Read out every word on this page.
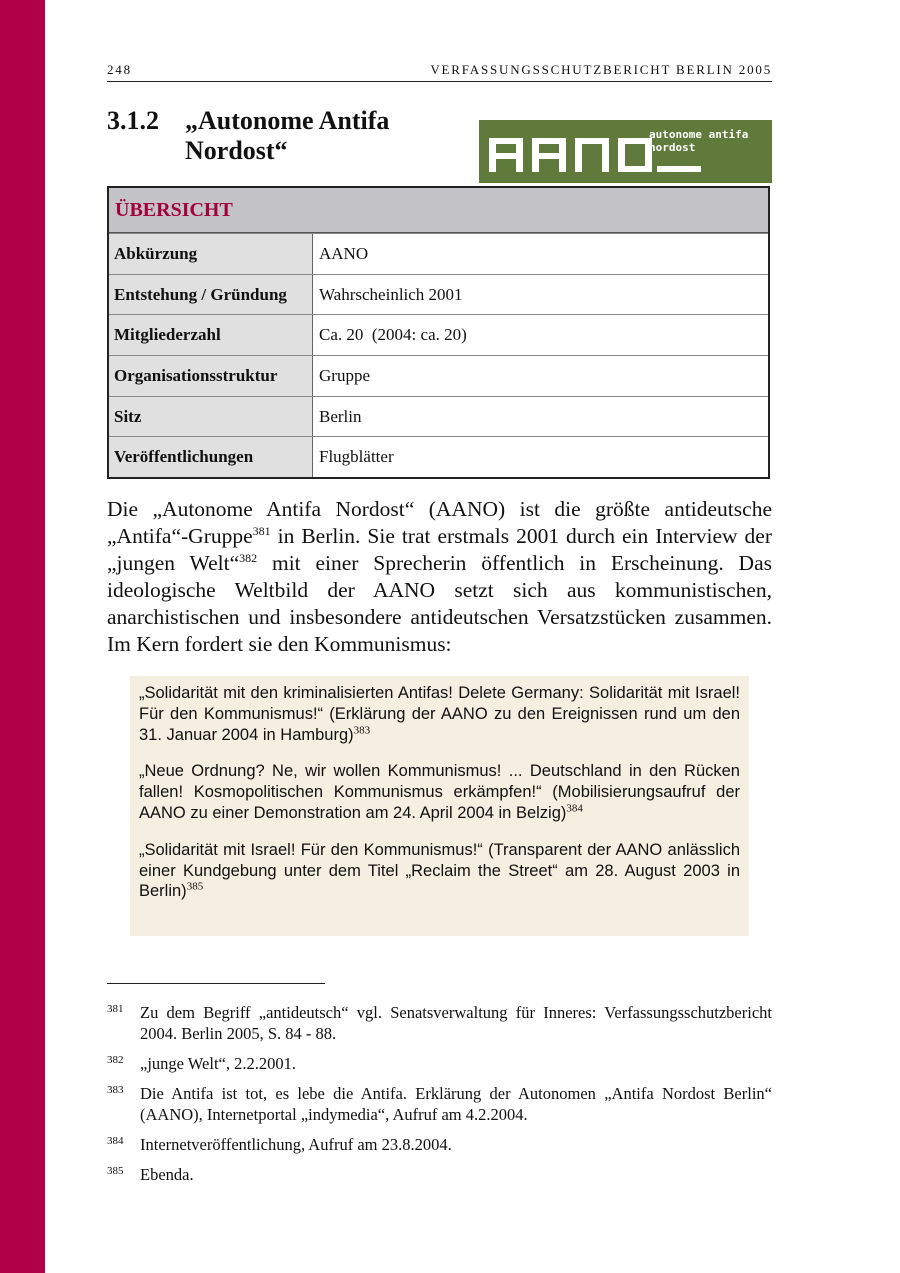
248	VERFASSUNGSSCHUTZBERICHT BERLIN 2005
3.1.2	„Autonome Antifa Nordost“
autonome antifa
nordost
ÜBERSICHT
Abkürzung	AANO
Entstehung / Gründung	Wahrscheinlich 2001
Mitgliederzahl	Ca. 20  (2004: ca. 20)
Organisationsstruktur	Gruppe
Sitz	Berlin
Veröffentlichungen	Flugblätter

Die „Autonome Antifa Nordost“ (AANO) ist die größte antideutsche „Antifa“-Gruppe$^{381}$ in Berlin. Sie trat erstmals 2001 durch ein Interview der „jungen Welt“$^{382}$ mit einer Sprecherin öffentlich in Erscheinung. Das ideologische Weltbild der AANO setzt sich aus kommunistischen, anarchistischen und insbesondere antideutschen Versatzstücken zusammen. Im Kern fordert sie den Kommunismus:

„Solidarität mit den kriminalisierten Antifas! Delete Germany: Solidarität mit Israel! Für den Kommunismus!“ (Erklärung der AANO zu den Ereignissen rund um den 31. Januar 2004 in Hamburg)$^{383}$

„Neue Ordnung? Ne, wir wollen Kommunismus! ... Deutschland in den Rücken fallen! Kosmopolitischen Kommunismus erkämpfen!“ (Mobilisierungsaufruf der AANO zu einer Demonstration am 24. April 2004 in Belzig)$^{384}$

„Solidarität mit Israel! Für den Kommunismus!“ (Transparent der AANO anlässlich einer Kundgebung unter dem Titel „Reclaim the Street“ am 28. August 2003 in Berlin)$^{385}$

381	Zu dem Begriff „antideutsch“ vgl. Senatsverwaltung für Inneres: Verfassungsschutzbericht 2004. Berlin 2005, S. 84 - 88.
382	„junge Welt“, 2.2.2001.
383	Die Antifa ist tot, es lebe die Antifa. Erklärung der Autonomen „Antifa Nordost Berlin“ (AANO), Internetportal „indymedia“, Aufruf am 4.2.2004.
384	Internetveröffentlichung, Aufruf am 23.8.2004.
385	Ebenda.
